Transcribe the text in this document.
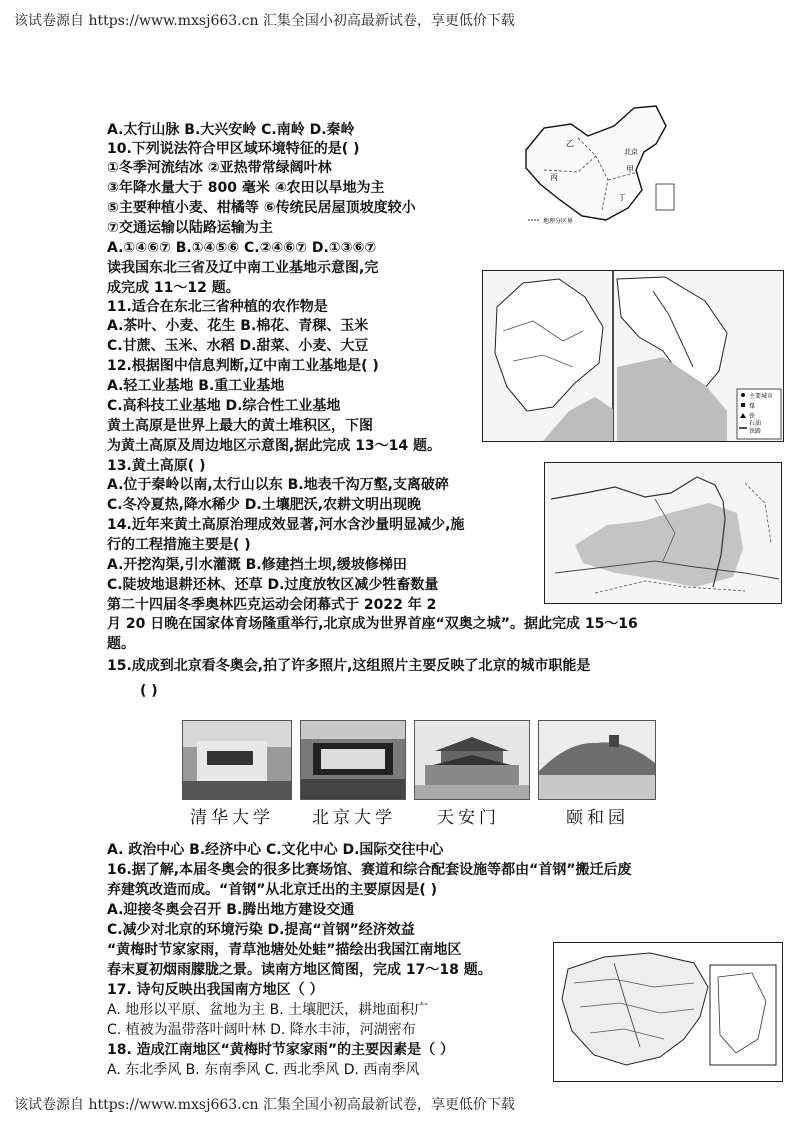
该试卷源自 https://www.mxsj663.cn 汇集全国小初高最新试卷，享更低价下载
乙
北京
甲
丙
丁
地理分区界
主要城市
煤
铁
石油
铁路
清华大学 北京大学 天安门	颐和园
A.太行山脉 B.大兴安岭 C.南岭 D.秦岭
10.下列说法符合甲区域环境特征的是( )
①冬季河流结冰 ②亚热带常绿阔叶林
③年降水量大于 800 毫米 ④农田以旱地为主
⑤主要种植小麦、柑橘等 ⑥传统民居屋顶坡度较小
⑦交通运输以陆路运输为主
A.①④⑥⑦ B.①④⑤⑥ C.②④⑥⑦ D.①③⑥⑦
读我国东北三省及辽中南工业基地示意图,完
成完成 11～12 题。
11.适合在东北三省种植的农作物是
A.茶叶、小麦、花生 B.棉花、青稞、玉米
C.甘蔗、玉米、水稻 D.甜菜、小麦、大豆
12.根据图中信息判断,辽中南工业基地是( )
A.轻工业基地 B.重工业基地
C.高科技工业基地 D.综合性工业基地
黄土高原是世界上最大的黄土堆积区，下图
为黄土高原及周边地区示意图,据此完成 13～14 题。
13.黄土高原( )
A.位于秦岭以南,太行山以东 B.地表千沟万壑,支离破碎
C.冬冷夏热,降水稀少 D.土壤肥沃,农耕文明出现晚
14.近年来黄土高原治理成效显著,河水含沙量明显减少,施
行的工程措施主要是( )
A.开挖沟渠,引水灌溉 B.修建挡土坝,缓坡修梯田
C.陡坡地退耕还林、还草 D.过度放牧区减少牲畜数量
第二十四届冬季奥林匹克运动会闭幕式于 2022 年 2
月 20 日晚在国家体育场隆重举行,北京成为世界首座“双奥之城”。据此完成 15～16
题。
15.成成到北京看冬奥会,拍了许多照片,这组照片主要反映了北京的城市职能是
( )
A. 政治中心 B.经济中心 C.文化中心 D.国际交往中心
16.据了解,本届冬奥会的很多比赛场馆、赛道和综合配套设施等都由“首钢”搬迁后废
弃建筑改造而成。“首钢”从北京迁出的主要原因是( )
A.迎接冬奥会召开 B.腾出地方建设交通
C.减少对北京的环境污染 D.提高“首钢”经济效益
“黄梅时节家家雨，青草池塘处处蛙”描绘出我国江南地区
春末夏初烟雨朦胧之景。读南方地区简图，完成 17～18 题。
17. 诗句反映出我国南方地区（ ）
A. 地形以平原、盆地为主 B. 土壤肥沃，耕地面积广
C. 植被为温带落叶阔叶林 D. 降水丰沛，河湖密布
18. 造成江南地区“黄梅时节家家雨”的主要因素是（ ）
A. 东北季风 B. 东南季风 C. 西北季风 D. 西南季风
该试卷源自 https://www.mxsj663.cn 汇集全国小初高最新试卷，享更低价下载
